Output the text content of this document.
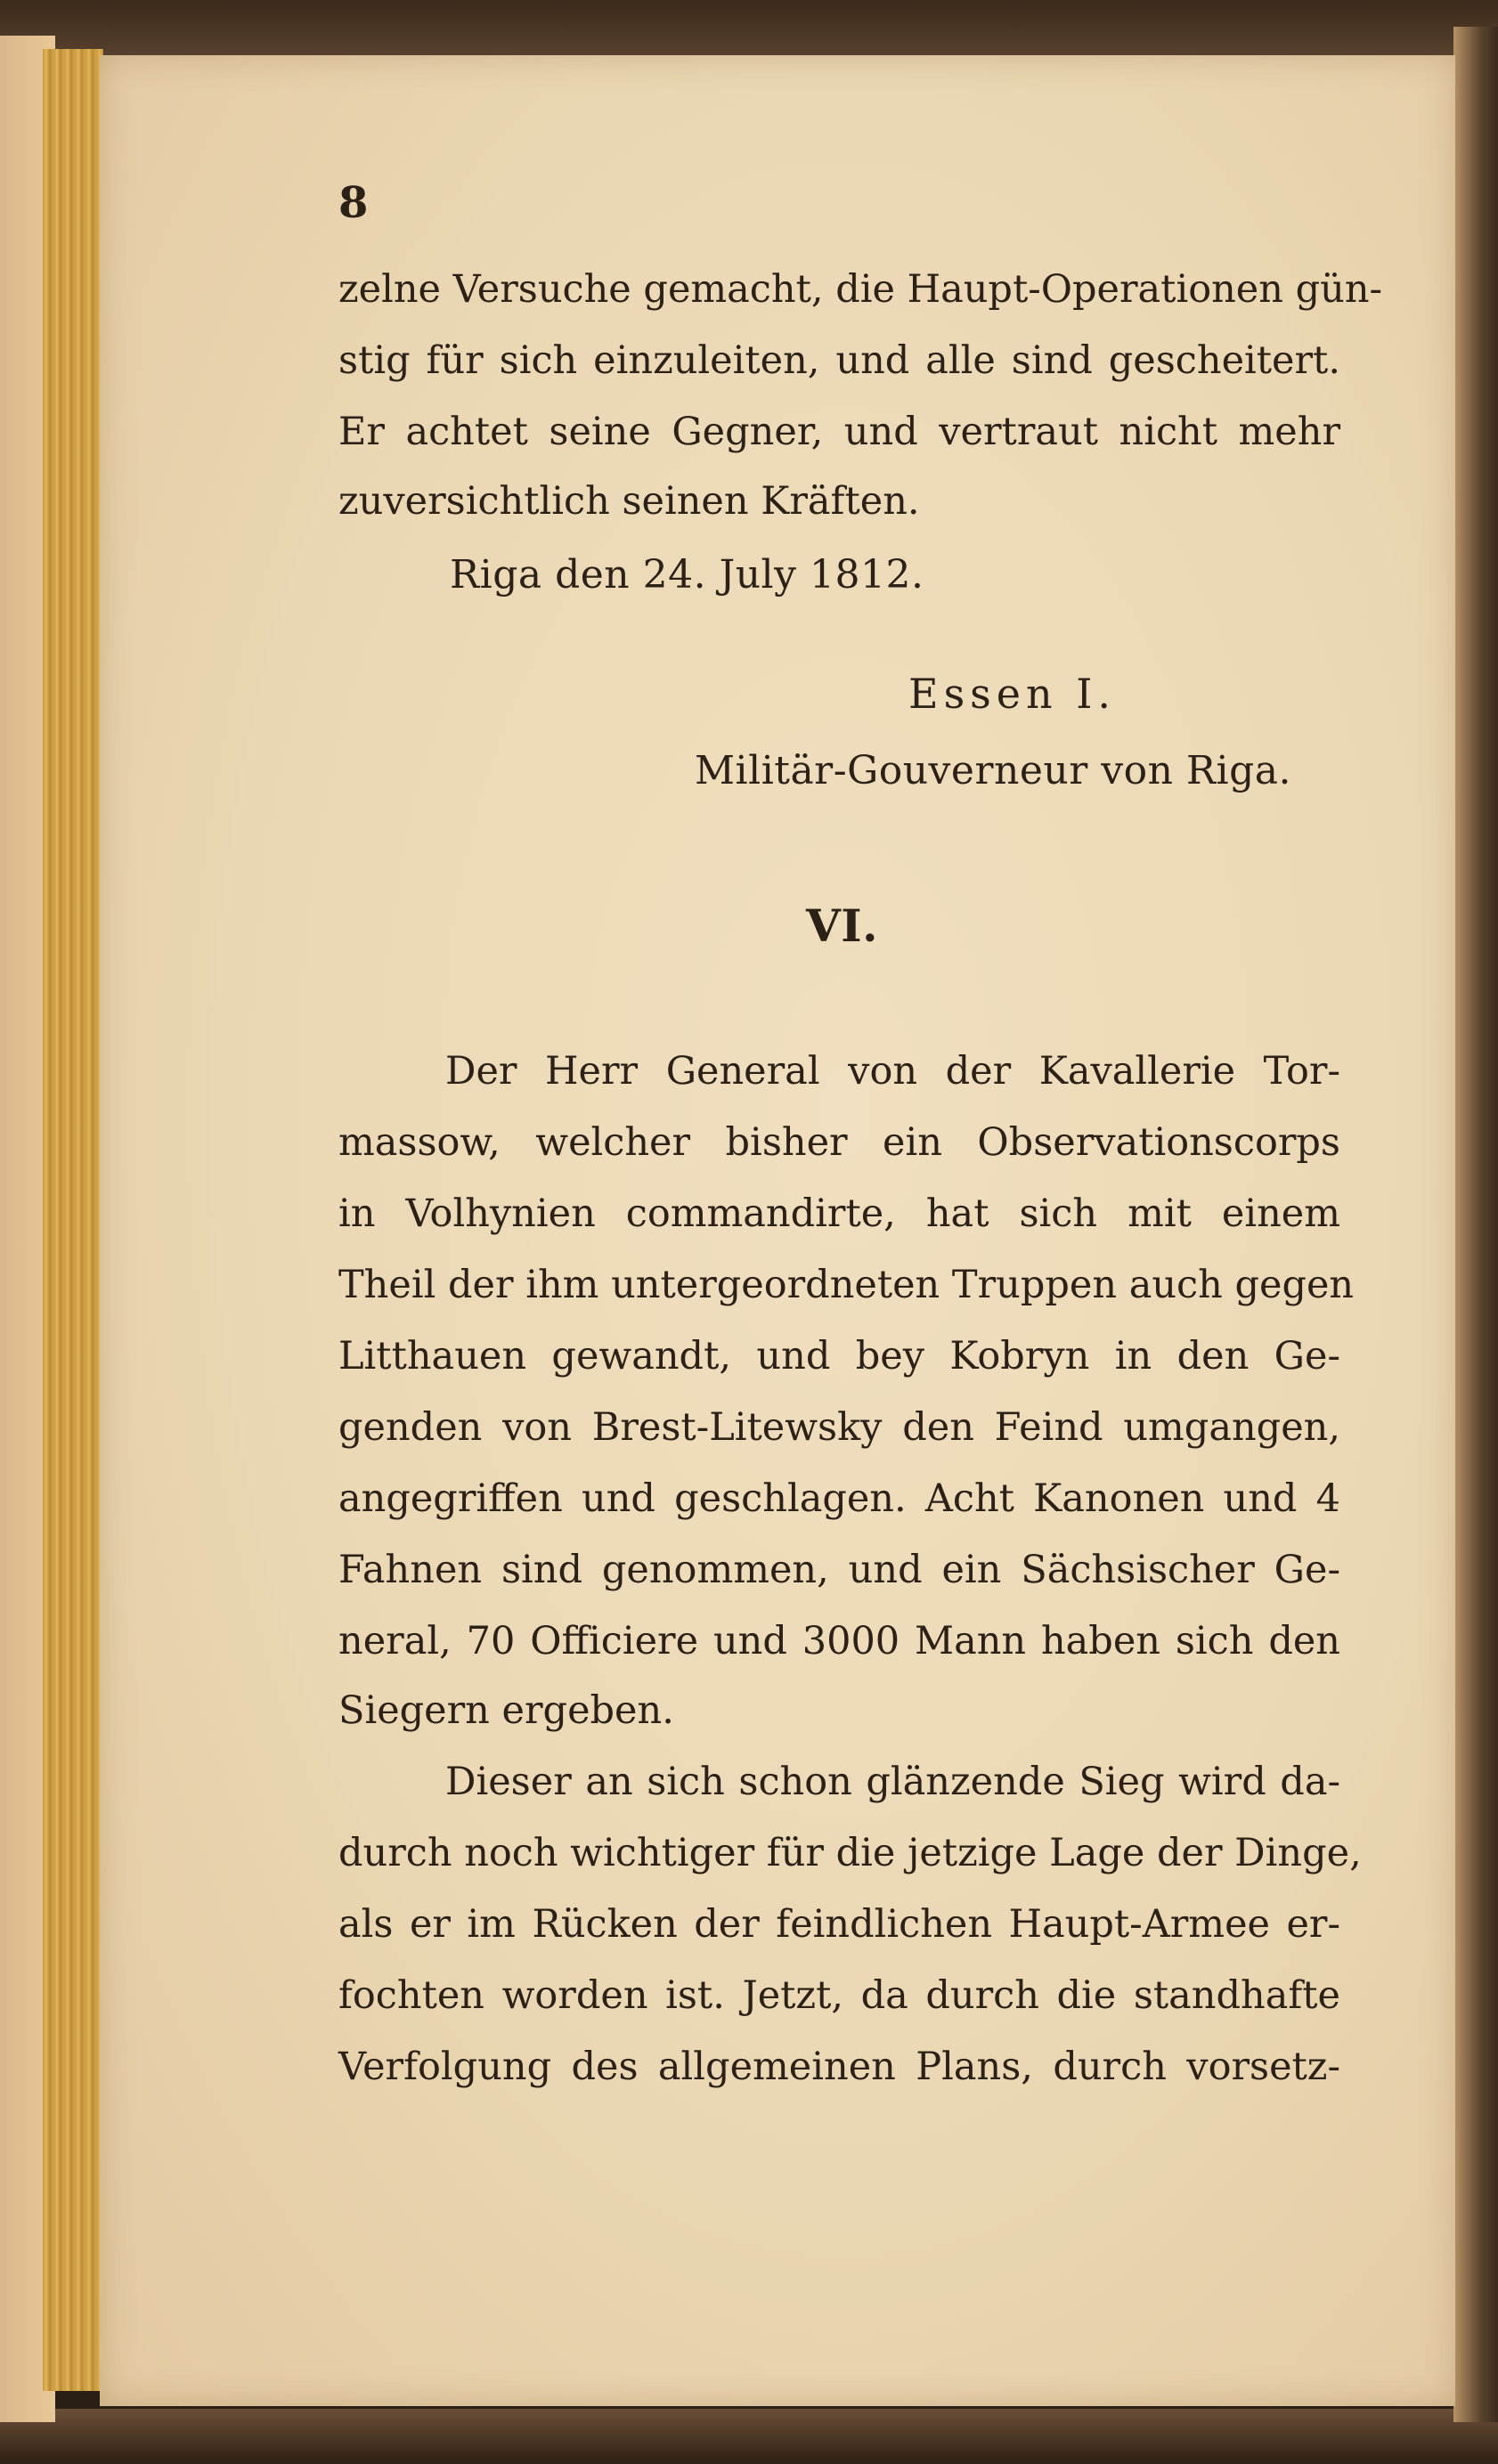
8
zelne Versuche gemacht, die Haupt-Operationen gün-
stig für sich einzuleiten, und alle sind gescheitert.
Er achtet seine Gegner, und vertraut nicht mehr
zuversichtlich seinen Kräften.
Riga den 24. July 1812.
Essen I.
Militär-Gouverneur von Riga.
VI.
Der Herr General von der Kavallerie Tor-
massow, welcher bisher ein Observationscorps
in Volhynien commandirte, hat sich mit einem
Theil der ihm untergeordneten Truppen auch gegen
Litthauen gewandt, und bey Kobryn in den Ge-
genden von Brest-Litewsky den Feind umgangen,
angegriffen und geschlagen. Acht Kanonen und 4
Fahnen sind genommen, und ein Sächsischer Ge-
neral, 70 Officiere und 3000 Mann haben sich den
Siegern ergeben.
Dieser an sich schon glänzende Sieg wird da-
durch noch wichtiger für die jetzige Lage der Dinge,
als er im Rücken der feindlichen Haupt-Armee er-
fochten worden ist. Jetzt, da durch die standhafte
Verfolgung des allgemeinen Plans, durch vorsetz-
